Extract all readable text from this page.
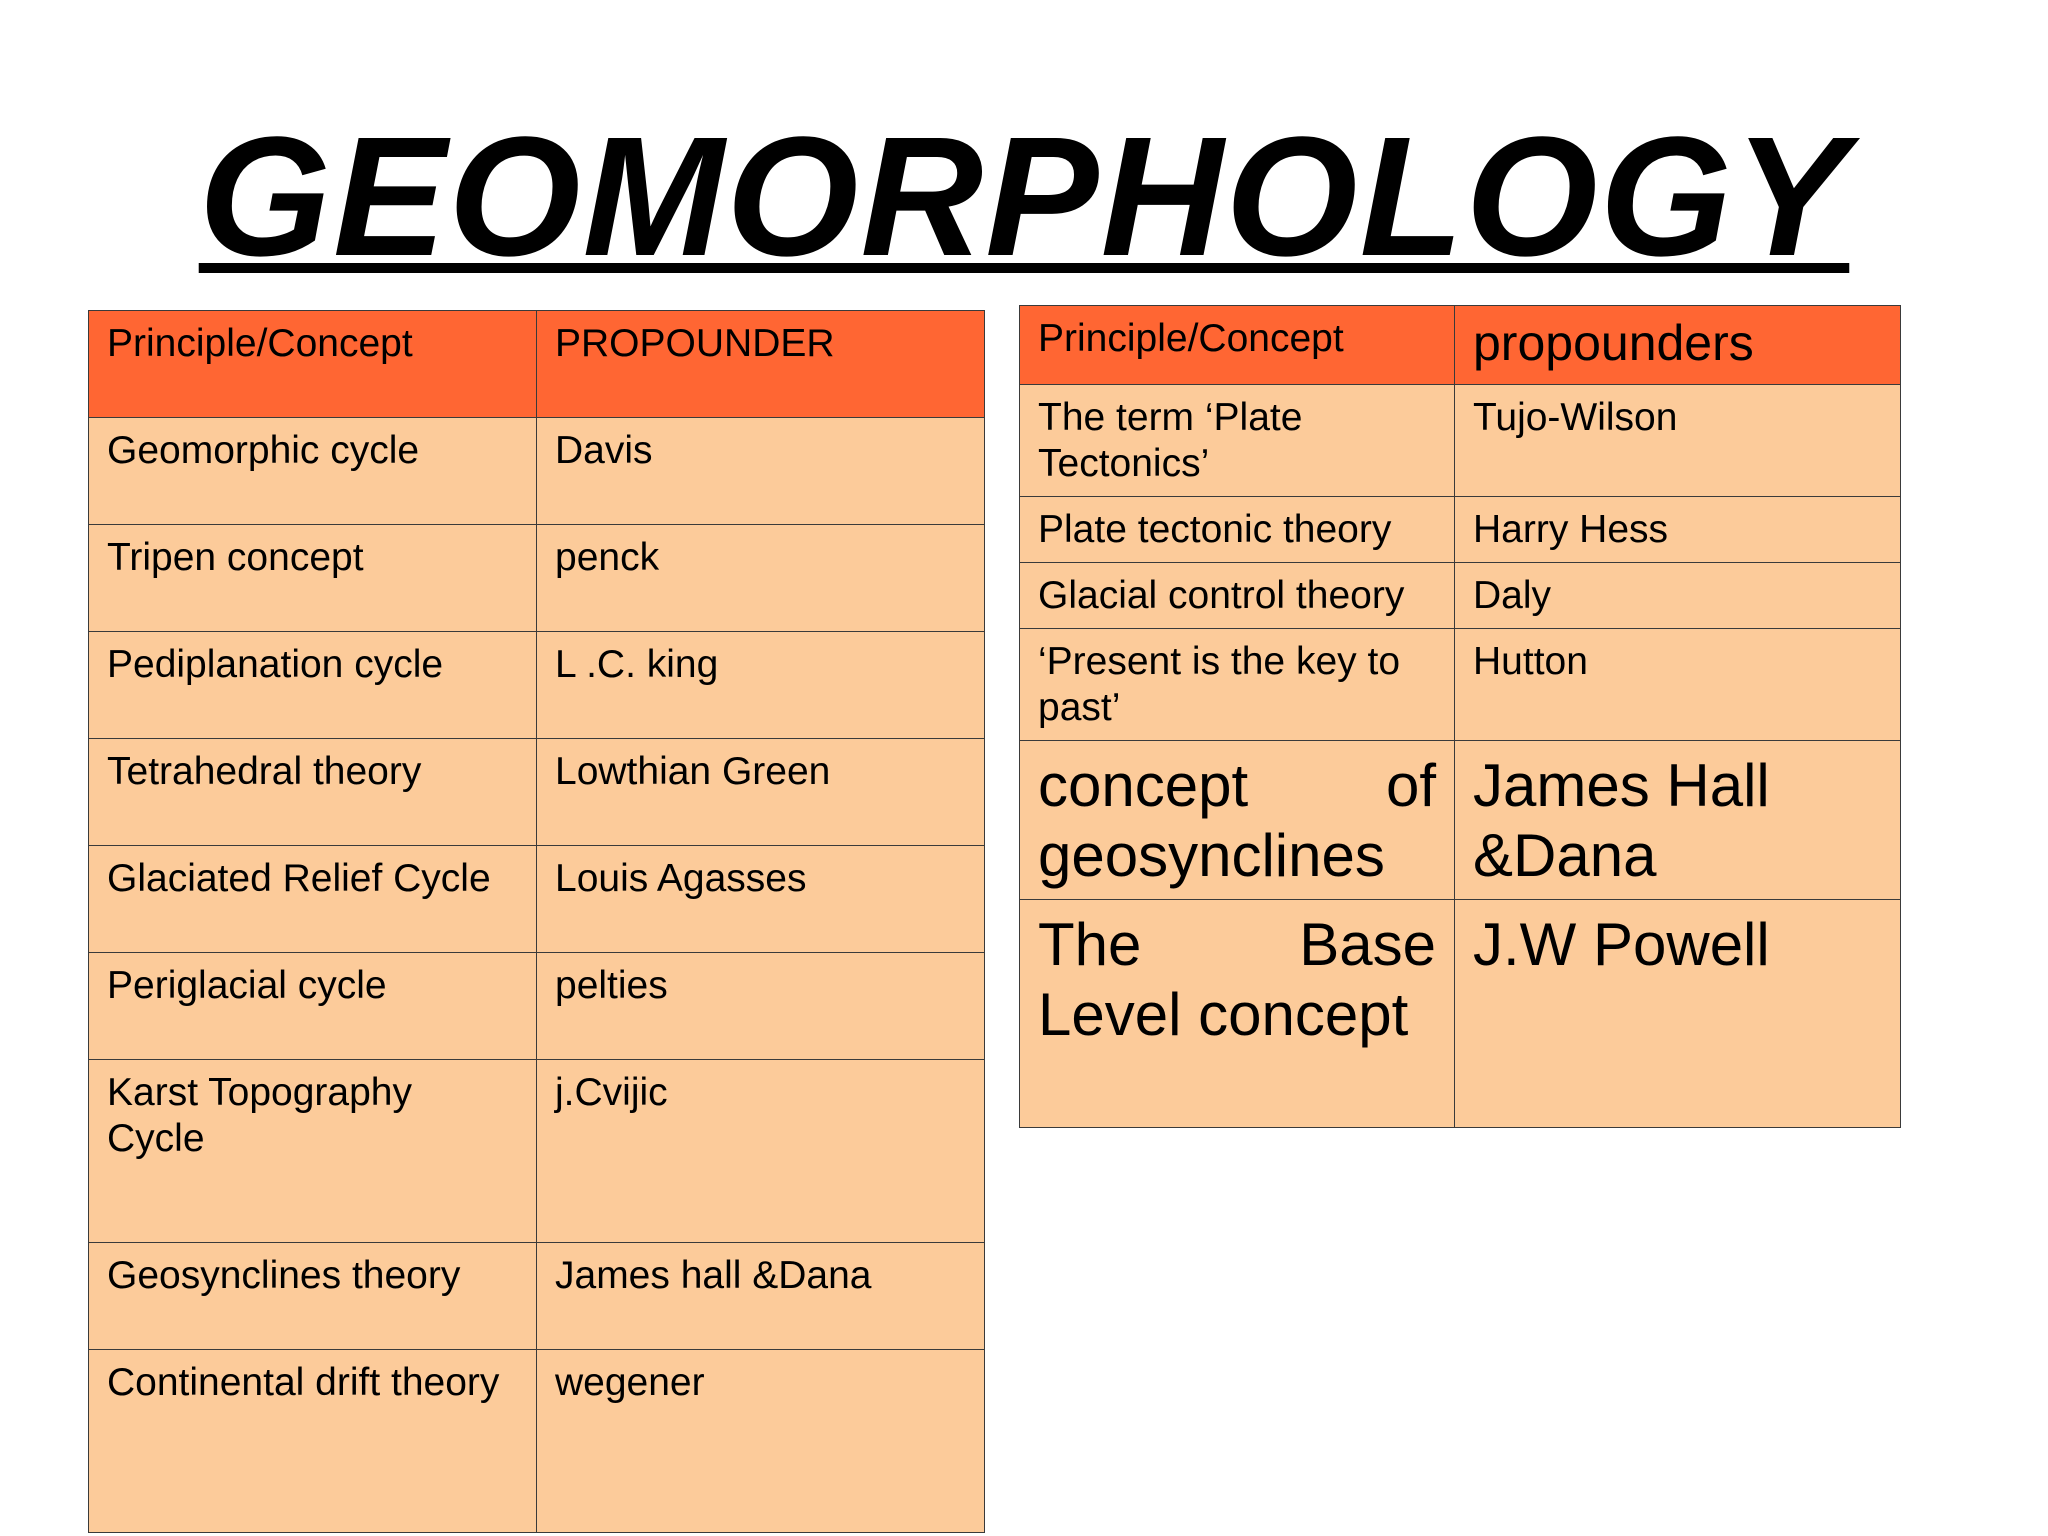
GEOMORPHOLOGY
Principle/Concept	PROPOUNDER
Geomorphic cycle	Davis
Tripen concept	penck
Pediplanation cycle	L .C. king
Tetrahedral theory	Lowthian Green
Glaciated Relief Cycle	Louis Agasses
Periglacial cycle	pelties
Karst Topography Cycle	j.Cvijic
Geosynclines theory	James hall &Dana
Continental drift theory	wegener
Principle/Concept	propounders
The term ‘Plate Tectonics’	Tujo-Wilson
Plate tectonic theory	Harry Hess
Glacial control theory	Daly
‘Present is the key to past’	Hutton
concept of geosynclines	James Hall &Dana
The Base Level concept	J.W Powell
